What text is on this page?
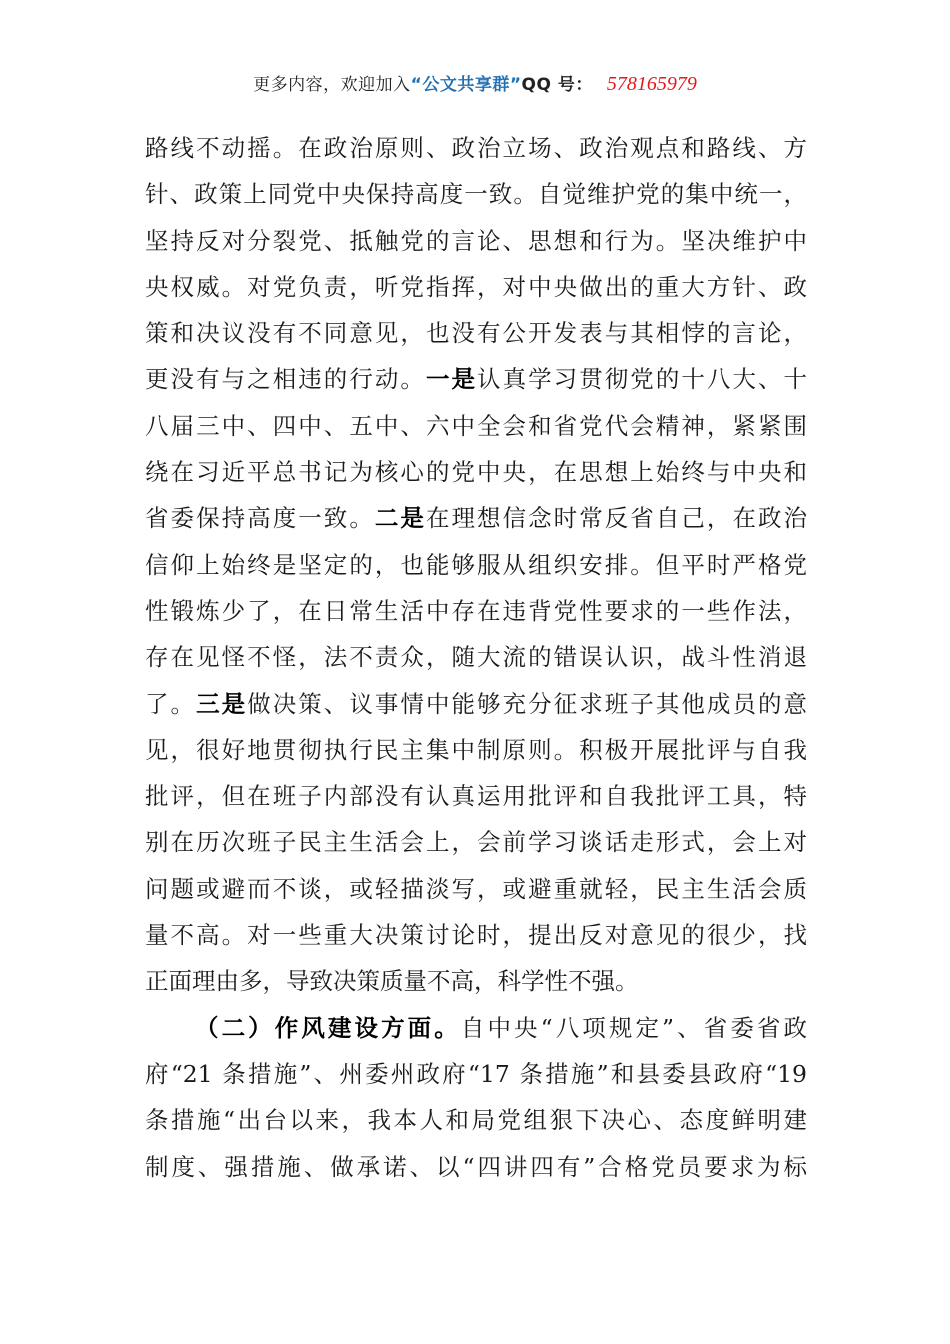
更多内容，欢迎加入“公文共享群”QQ 号： 578165979
路线不动摇。在政治原则、政治立场、政治观点和路线、方
针、政策上同党中央保持高度一致。自觉维护党的集中统一，
坚持反对分裂党、抵触党的言论、思想和行为。坚决维护中
央权威。对党负责，听党指挥，对中央做出的重大方针、政
策和决议没有不同意见，也没有公开发表与其相悖的言论，
更没有与之相违的行动。一是认真学习贯彻党的十八大、十
八届三中、四中、五中、六中全会和省党代会精神，紧紧围
绕在习近平总书记为核心的党中央，在思想上始终与中央和
省委保持高度一致。二是在理想信念时常反省自己，在政治
信仰上始终是坚定的，也能够服从组织安排。但平时严格党
性锻炼少了，在日常生活中存在违背党性要求的一些作法，
存在见怪不怪，法不责众，随大流的错误认识，战斗性消退
了。三是做决策、议事情中能够充分征求班子其他成员的意
见，很好地贯彻执行民主集中制原则。积极开展批评与自我
批评，但在班子内部没有认真运用批评和自我批评工具，特
别在历次班子民主生活会上，会前学习谈话走形式，会上对
问题或避而不谈，或轻描淡写，或避重就轻，民主生活会质
量不高。对一些重大决策讨论时，提出反对意见的很少，找
正面理由多，导致决策质量不高，科学性不强。
（二）作风建设方面。自中央“八项规定”、省委省政
府“21 条措施”、州委州政府“17 条措施”和县委县政府“19
条措施“出台以来，我本人和局党组狠下决心、态度鲜明建
制度、强措施、做承诺、以“四讲四有”合格党员要求为标
